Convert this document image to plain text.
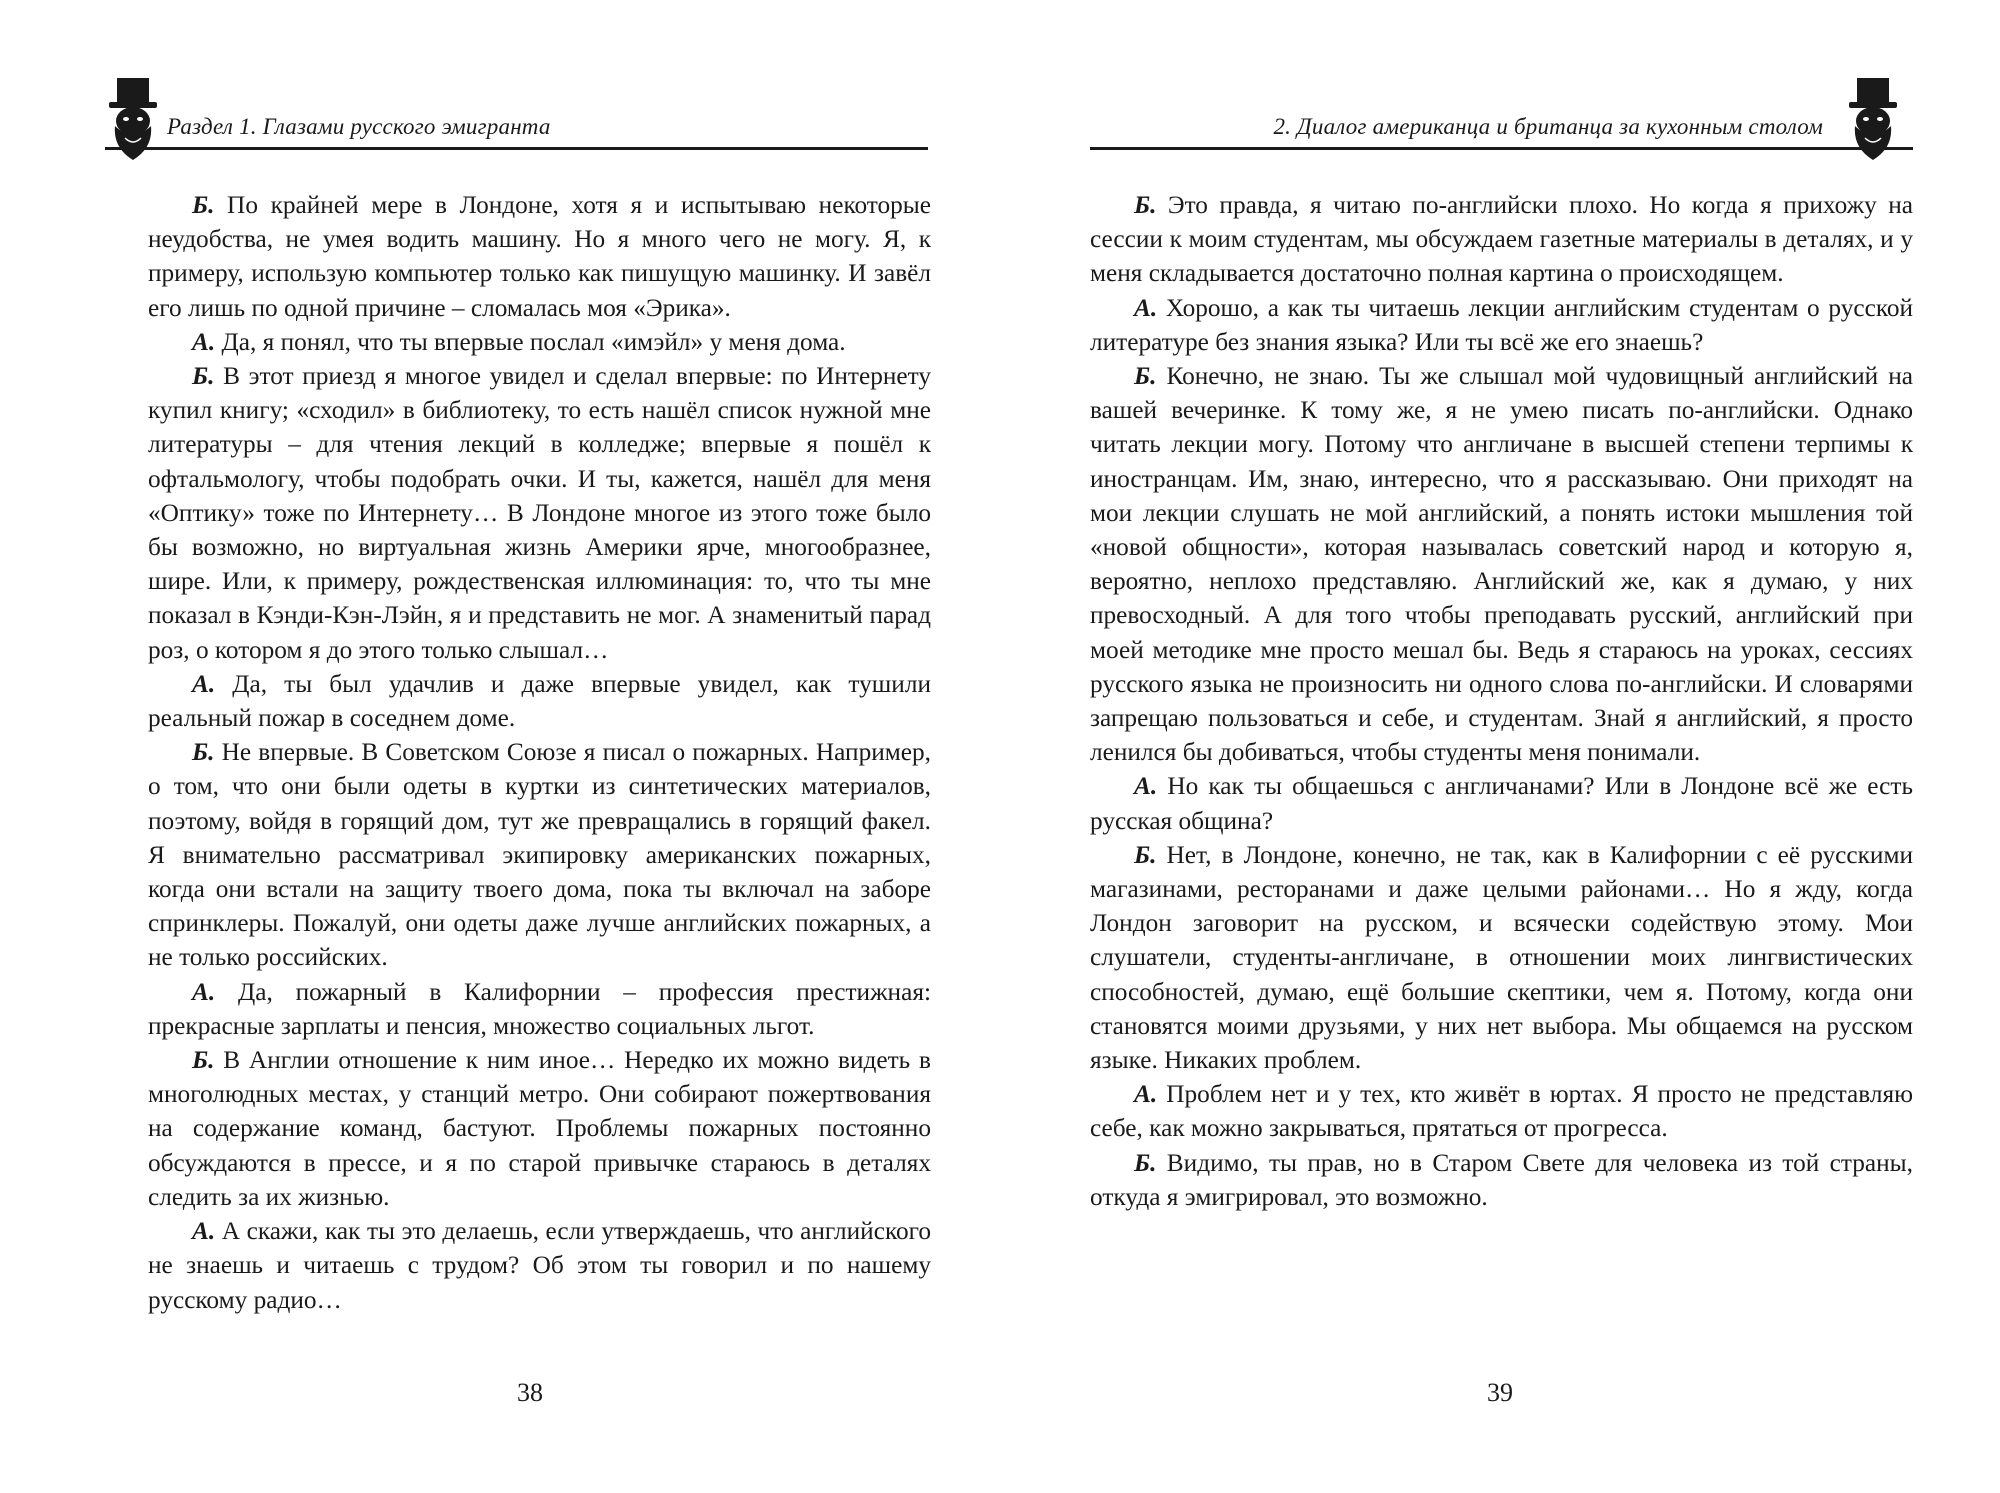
Раздел 1. Глазами русского эмигранта

Б. По крайней мере в Лондоне, хотя я и испытываю некоторые неудобства, не умея водить машину. Но я много чего не могу. Я, к примеру, использую компьютер только как пишущую машинку. И завёл его лишь по одной причине – сломалась моя «Эрика».

А. Да, я понял, что ты впервые послал «имэйл» у меня дома.

Б. В этот приезд я многое увидел и сделал впервые: по Интернету купил книгу; «сходил» в библиотеку, то есть нашёл список нужной мне литературы – для чтения лекций в колледже; впервые я пошёл к офтальмологу, чтобы подобрать очки. И ты, кажется, нашёл для меня «Оптику» тоже по Интернету… В Лондоне многое из этого тоже было бы возможно, но виртуальная жизнь Америки ярче, многообразнее, шире. Или, к примеру, рождественская иллюминация: то, что ты мне показал в Кэнди-Кэн-Лэйн, я и представить не мог. А знаменитый парад роз, о котором я до этого только слышал…

А. Да, ты был удачлив и даже впервые увидел, как тушили реальный пожар в соседнем доме.

Б. Не впервые. В Советском Союзе я писал о пожарных. Например, о том, что они были одеты в куртки из синтетических материалов, поэтому, войдя в горящий дом, тут же превращались в горящий факел. Я внимательно рассматривал экипировку американских пожарных, когда они встали на защиту твоего дома, пока ты включал на заборе спринклеры. Пожалуй, они одеты даже лучше английских пожарных, а не только российских.

А. Да, пожарный в Калифорнии – профессия престижная: прекрасные зарплаты и пенсия, множество социальных льгот.

Б. В Англии отношение к ним иное… Нередко их можно видеть в многолюдных местах, у станций метро. Они собирают пожертвования на содержание команд, бастуют. Проблемы пожарных постоянно обсуждаются в прессе, и я по старой привычке стараюсь в деталях следить за их жизнью.

А. А скажи, как ты это делаешь, если утверждаешь, что английского не знаешь и читаешь с трудом? Об этом ты говорил и по нашему русскому радио…

38
2. Диалог американца и британца за кухонным столом

Б. Это правда, я читаю по-английски плохо. Но когда я прихожу на сессии к моим студентам, мы обсуждаем газетные материалы в деталях, и у меня складывается достаточно полная картина о происходящем.

А. Хорошо, а как ты читаешь лекции английским студентам о русской литературе без знания языка? Или ты всё же его знаешь?

Б. Конечно, не знаю. Ты же слышал мой чудовищный английский на вашей вечеринке. К тому же, я не умею писать по-английски. Однако читать лекции могу. Потому что англичане в высшей степени терпимы к иностранцам. Им, знаю, интересно, что я рассказываю. Они приходят на мои лекции слушать не мой английский, а понять истоки мышления той «новой общности», которая называлась советский народ и которую я, вероятно, неплохо представляю. Английский же, как я думаю, у них превосходный. А для того чтобы преподавать русский, английский при моей методике мне просто мешал бы. Ведь я стараюсь на уроках, сессиях русского языка не произносить ни одного слова по-английски. И словарями запрещаю пользоваться и себе, и студентам. Знай я английский, я просто ленился бы добиваться, чтобы студенты меня понимали.

А. Но как ты общаешься с англичанами? Или в Лондоне всё же есть русская община?

Б. Нет, в Лондоне, конечно, не так, как в Калифорнии с её русскими магазинами, ресторанами и даже целыми районами… Но я жду, когда Лондон заговорит на русском, и всячески содействую этому. Мои слушатели, студенты-англичане, в отношении моих лингвистических способностей, думаю, ещё большие скептики, чем я. Потому, когда они становятся моими друзьями, у них нет выбора. Мы общаемся на русском языке. Никаких проблем.

А. Проблем нет и у тех, кто живёт в юртах. Я просто не представляю себе, как можно закрываться, прятаться от прогресса.

Б. Видимо, ты прав, но в Старом Свете для человека из той страны, откуда я эмигрировал, это возможно.

39
